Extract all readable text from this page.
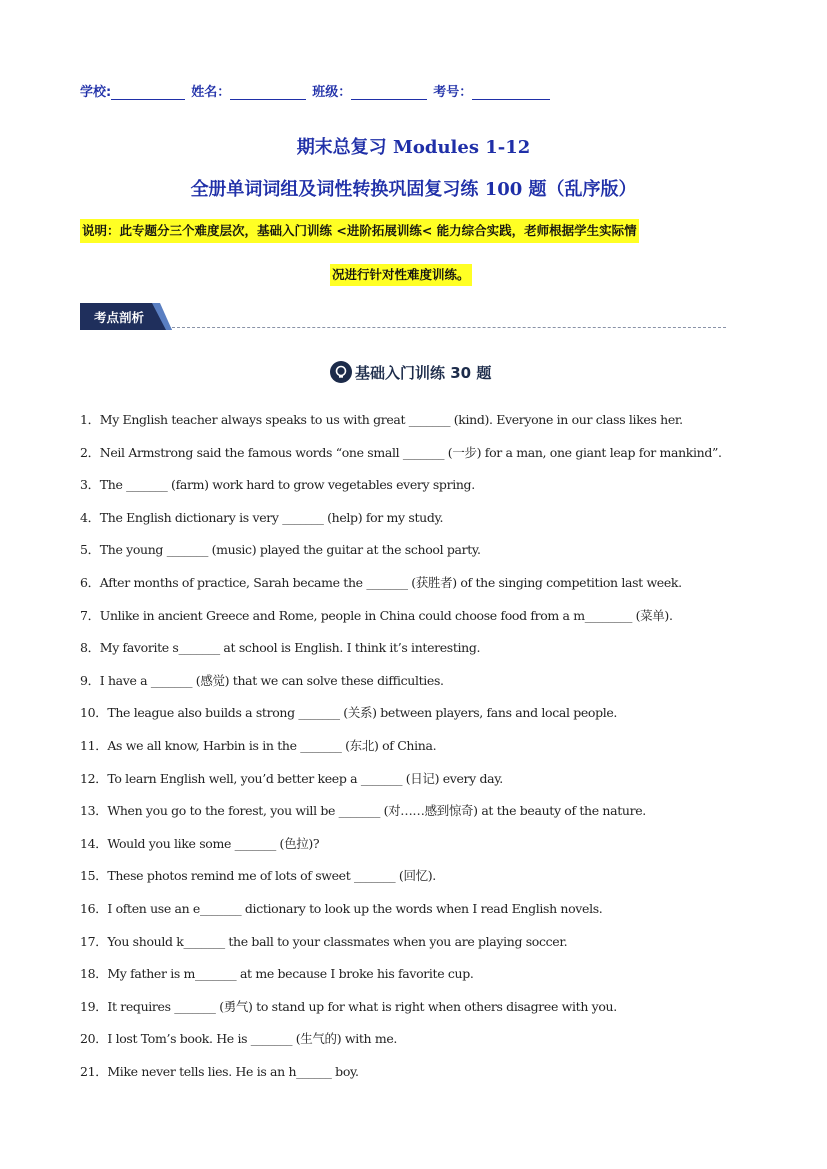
学校:	姓名：	班级：	考号：
期末总复习 Modules 1-12
全册单词词组及词性转换巩固复习练 100 题（乱序版）
说明：此专题分三个难度层次，基础入门训练 <进阶拓展训练< 能力综合实践，老师根据学生实际情
况进行针对性难度训练。
考点剖析
基础入门训练 30 题
1．My English teacher always speaks to us with great _______ (kind). Everyone in our class likes her.
2．Neil Armstrong said the famous words “one small _______ (一步) for a man, one giant leap for mankind”.
3．The _______ (farm) work hard to grow vegetables every spring.
4．The English dictionary is very _______ (help) for my study.
5．The young _______ (music) played the guitar at the school party.
6．After months of practice, Sarah became the _______ (获胜者) of the singing competition last week.
7．Unlike in ancient Greece and Rome, people in China could choose food from a m________ (菜单).
8．My favorite s_______ at school is English. I think it’s interesting.
9．I have a _______ (感觉) that we can solve these difficulties.
10．The league also builds a strong _______ (关系) between players, fans and local people.
11．As we all know, Harbin is in the _______ (东北) of China.
12．To learn English well, you’d better keep a _______ (日记) every day.
13．When you go to the forest, you will be _______ (对……感到惊奇) at the beauty of the nature.
14．Would you like some _______ (色拉)?
15．These photos remind me of lots of sweet _______ (回忆).
16．I often use an e_______ dictionary to look up the words when I read English novels.
17．You should k_______ the ball to your classmates when you are playing soccer.
18．My father is m_______ at me because I broke his favorite cup.
19．It requires _______ (勇气) to stand up for what is right when others disagree with you.
20．I lost Tom’s book. He is _______ (生气的) with me.
21．Mike never tells lies. He is an h______ boy.
